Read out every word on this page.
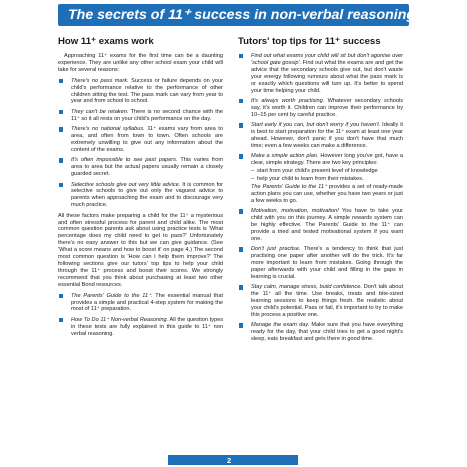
The secrets of 11⁺ success in non-verbal reasoning
How 11⁺ exams work

Approaching 11⁺ exams for the first time can be a daunting experience. They are unlike any other school exam your child will take for several reasons:

There's no pass mark. Success or failure depends on your child's performance relative to the performance of other children sitting the test. The pass mark can vary from year to year and from school to school.
They can't be retaken. There is no second chance with the 11⁺ so it all rests on your child's performance on the day.
There's no national syllabus. 11⁺ exams vary from area to area, and often from town to town. Often schools are extremely unwilling to give out any information about the content of the exams.
It's often impossible to see past papers. This varies from area to area but the actual papers usually remain a closely guarded secret.
Selective schools give out very little advice. It is common for selective schools to give out only the vaguest advice to parents when approaching the exam and to discourage very much practice.

All these factors make preparing a child for the 11⁺ a mysterious and often stressful process for parent and child alike. The most common question parents ask about using practice tests is 'What percentage does my child need to get to pass?' Unfortunately there's no easy answer to this but we can give guidance. (See 'What a score means and how to boost it' on page 4.) The second most common question is 'How can I help them improve?' The following sections give our tutors' top tips to help your child through the 11⁺ process and boost their scores. We strongly recommend that you think about purchasing at least two other essential Bond resources.

The Parents' Guide to the 11⁺. The essential manual that provides a simple and practical 4-step system for making the most of 11⁺ preparation.
How To Do 11⁺ Non-verbal Reasoning. All the question types in these tests are fully explained in this guide to 11⁺ non verbal reasoning.
Tutors' top tips for 11⁺ success
Find out what exams your child will sit but don't agonise over 'school gate gossip'. Find out what the exams are and get the advice that the secondary schools give out, but don't waste your energy following rumours about what the pass mark is or exactly which questions will turn up. It's better to spend your time helping your child.
It's always worth practising. Whatever secondary schools say, it's worth it. Children can improve their performance by 10–15 per cent by careful practice.
Start early if you can, but don't worry if you haven't. Ideally it is best to start preparation for the 11⁺ exam at least one year ahead. However, don't panic if you don't have that much time; even a few weeks can make a difference.
Make a simple action plan. However long you've got, have a clear, simple strategy. There are two key principles:
– start from your child's present level of knowledge
– help your child to learn from their mistakes.
The Parents' Guide to the 11⁺ provides a set of ready-made action plans you can use, whether you have two years or just a few weeks to go.
Motivation, motivation, motivation! You have to take your child with you on this journey. A simple rewards system can be highly effective. The Parents' Guide to the 11⁺ can provide a tried and tested motivational system if you want one.
Don't just practise. There's a tendency to think that just practising one paper after another will do the trick. It's far more important to learn from mistakes. Going through the paper afterwards with your child and filling in the gaps in learning is crucial.
Stay calm, manage stress, build confidence. Don't talk about the 11⁺ all the time. Use breaks, treats and bite-sized learning sessions to keep things fresh. Be realistic about your child's potential. Pass or fail, it's important to try to make this process a positive one.
Manage the exam day. Make sure that you have everything ready for the day, that your child tries to get a good night's sleep, eats breakfast and gets there in good time.
2
